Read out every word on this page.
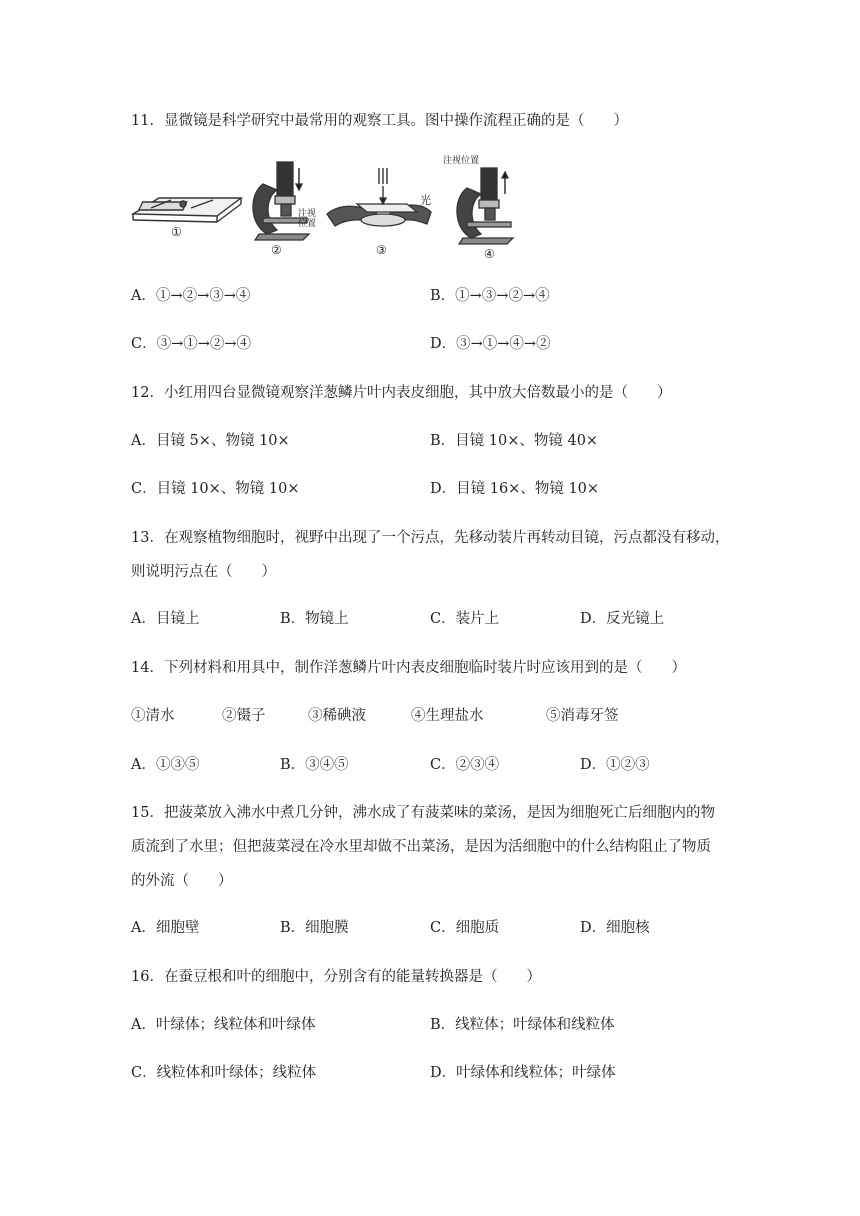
11．显微镜是科学研究中最常用的观察工具。图中操作流程正确的是（　　）
①
注视
位置
②
光
③
注视位置
④
A．①→②→③→④	B．①→③→②→④
C．③→①→②→④	D．③→①→④→②
12．小红用四台显微镜观察洋葱鳞片叶内表皮细胞，其中放大倍数最小的是（　　）
A．目镜 5×、物镜 10×	B．目镜 10×、物镜 40×
C．目镜 10×、物镜 10×	D．目镜 16×、物镜 10×
13．在观察植物细胞时，视野中出现了一个污点，先移动装片再转动目镜，污点都没有移动，
则说明污点在（　　）
A．目镜上	B．物镜上	C．装片上	D．反光镜上
14．下列材料和用具中，制作洋葱鳞片叶内表皮细胞临时装片时应该用到的是（　　）
①清水	②镊子	③稀碘液	④生理盐水	⑤消毒牙签
A．①③⑤	B．③④⑤	C．②③④	D．①②③
15．把菠菜放入沸水中煮几分钟，沸水成了有菠菜味的菜汤，是因为细胞死亡后细胞内的物
质流到了水里；但把菠菜浸在冷水里却做不出菜汤，是因为活细胞中的什么结构阻止了物质
的外流（　　）
A．细胞壁	B．细胞膜	C．细胞质	D．细胞核
16．在蚕豆根和叶的细胞中，分别含有的能量转换器是（　　）
A．叶绿体；线粒体和叶绿体	B．线粒体；叶绿体和线粒体
C．线粒体和叶绿体；线粒体	D．叶绿体和线粒体；叶绿体
